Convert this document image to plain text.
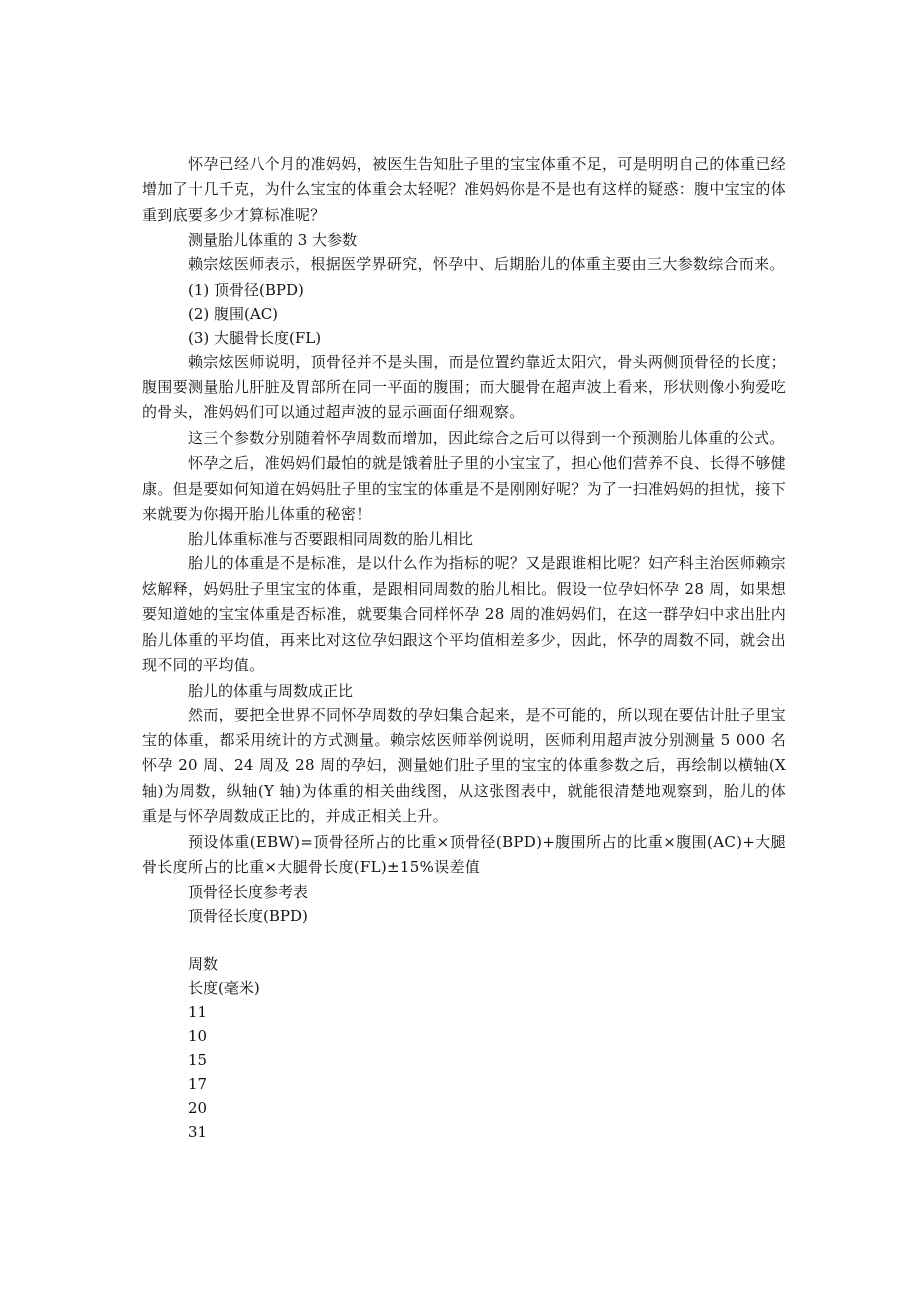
怀孕已经八个月的准妈妈，被医生告知肚子里的宝宝体重不足，可是明明自己的体重已经增加了十几千克，为什么宝宝的体重会太轻呢？准妈妈你是不是也有这样的疑惑：腹中宝宝的体重到底要多少才算标准呢？

测量胎儿体重的 3 大参数

赖宗炫医师表示，根据医学界研究，怀孕中、后期胎儿的体重主要由三大参数综合而来。

(1) 顶骨径(BPD)

(2) 腹围(AC)

(3) 大腿骨长度(FL)

赖宗炫医师说明，顶骨径并不是头围，而是位置约靠近太阳穴，骨头两侧顶骨径的长度；腹围要测量胎儿肝脏及胃部所在同一平面的腹围；而大腿骨在超声波上看来，形状则像小狗爱吃的骨头，准妈妈们可以通过超声波的显示画面仔细观察。

这三个参数分别随着怀孕周数而增加，因此综合之后可以得到一个预测胎儿体重的公式。

怀孕之后，准妈妈们最怕的就是饿着肚子里的小宝宝了，担心他们营养不良、长得不够健康。但是要如何知道在妈妈肚子里的宝宝的体重是不是刚刚好呢？为了一扫准妈妈的担忧，接下来就要为你揭开胎儿体重的秘密！

胎儿体重标准与否要跟相同周数的胎儿相比

胎儿的体重是不是标准，是以什么作为指标的呢？又是跟谁相比呢？妇产科主治医师赖宗炫解释，妈妈肚子里宝宝的体重，是跟相同周数的胎儿相比。假设一位孕妇怀孕 28 周，如果想要知道她的宝宝体重是否标准，就要集合同样怀孕 28 周的准妈妈们，在这一群孕妇中求出肚内胎儿体重的平均值，再来比对这位孕妇跟这个平均值相差多少，因此，怀孕的周数不同，就会出现不同的平均值。

胎儿的体重与周数成正比

然而，要把全世界不同怀孕周数的孕妇集合起来，是不可能的，所以现在要估计肚子里宝宝的体重，都采用统计的方式测量。赖宗炫医师举例说明，医师利用超声波分别测量 5 000 名怀孕 20 周、24 周及 28 周的孕妇，测量她们肚子里的宝宝的体重参数之后，再绘制以横轴(X 轴)为周数，纵轴(Y 轴)为体重的相关曲线图，从这张图表中，就能很清楚地观察到，胎儿的体重是与怀孕周数成正比的，并成正相关上升。

预设体重(EBW)=顶骨径所占的比重×顶骨径(BPD)+腹围所占的比重×腹围(AC)+大腿骨长度所占的比重×大腿骨长度(FL)±15%误差值

顶骨径长度参考表

顶骨径长度(BPD)

周数

长度(毫米)

11

10

15

17

20

31
